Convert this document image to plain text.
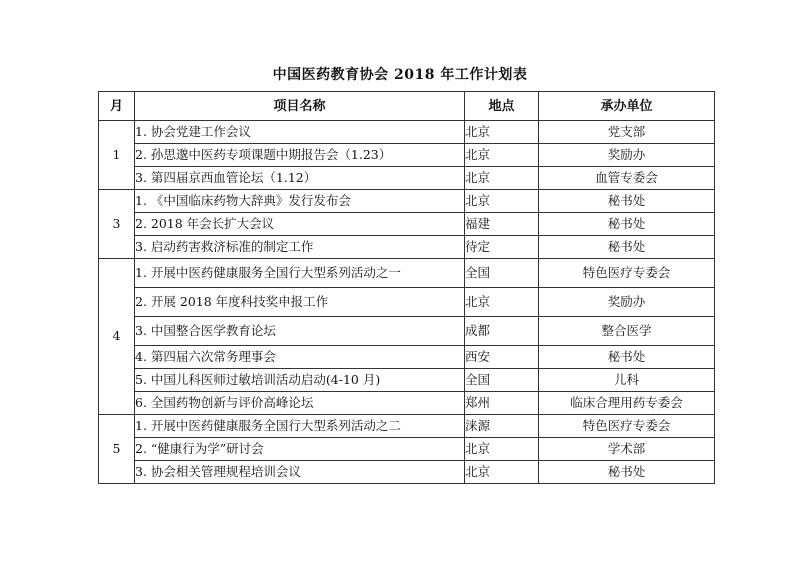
中国医药教育协会 2018 年工作计划表
月	项目名称	地点	承办单位
1	1. 协会党建工作会议	北京	党支部
	2. 孙思邈中医药专项课题中期报告会（1.23）	北京	奖励办
	3. 第四届京西血管论坛（1.12）	北京	血管专委会
3	1. 《中国临床药物大辞典》发行发布会	北京	秘书处
	2. 2018 年会长扩大会议	福建	秘书处
	3. 启动药害救济标准的制定工作	待定	秘书处
4	1. 开展中医药健康服务全国行大型系列活动之一	全国	特色医疗专委会
	2. 开展 2018 年度科技奖申报工作	北京	奖励办
	3. 中国整合医学教育论坛	成都	整合医学
	4. 第四届六次常务理事会	西安	秘书处
	5. 中国儿科医师过敏培训活动启动(4-10 月)	全国	儿科
	6. 全国药物创新与评价高峰论坛	郑州	临床合理用药专委会
5	1. 开展中医药健康服务全国行大型系列活动之二	涞源	特色医疗专委会
	2. “健康行为学”研讨会	北京	学术部
	3. 协会相关管理规程培训会议	北京	秘书处
